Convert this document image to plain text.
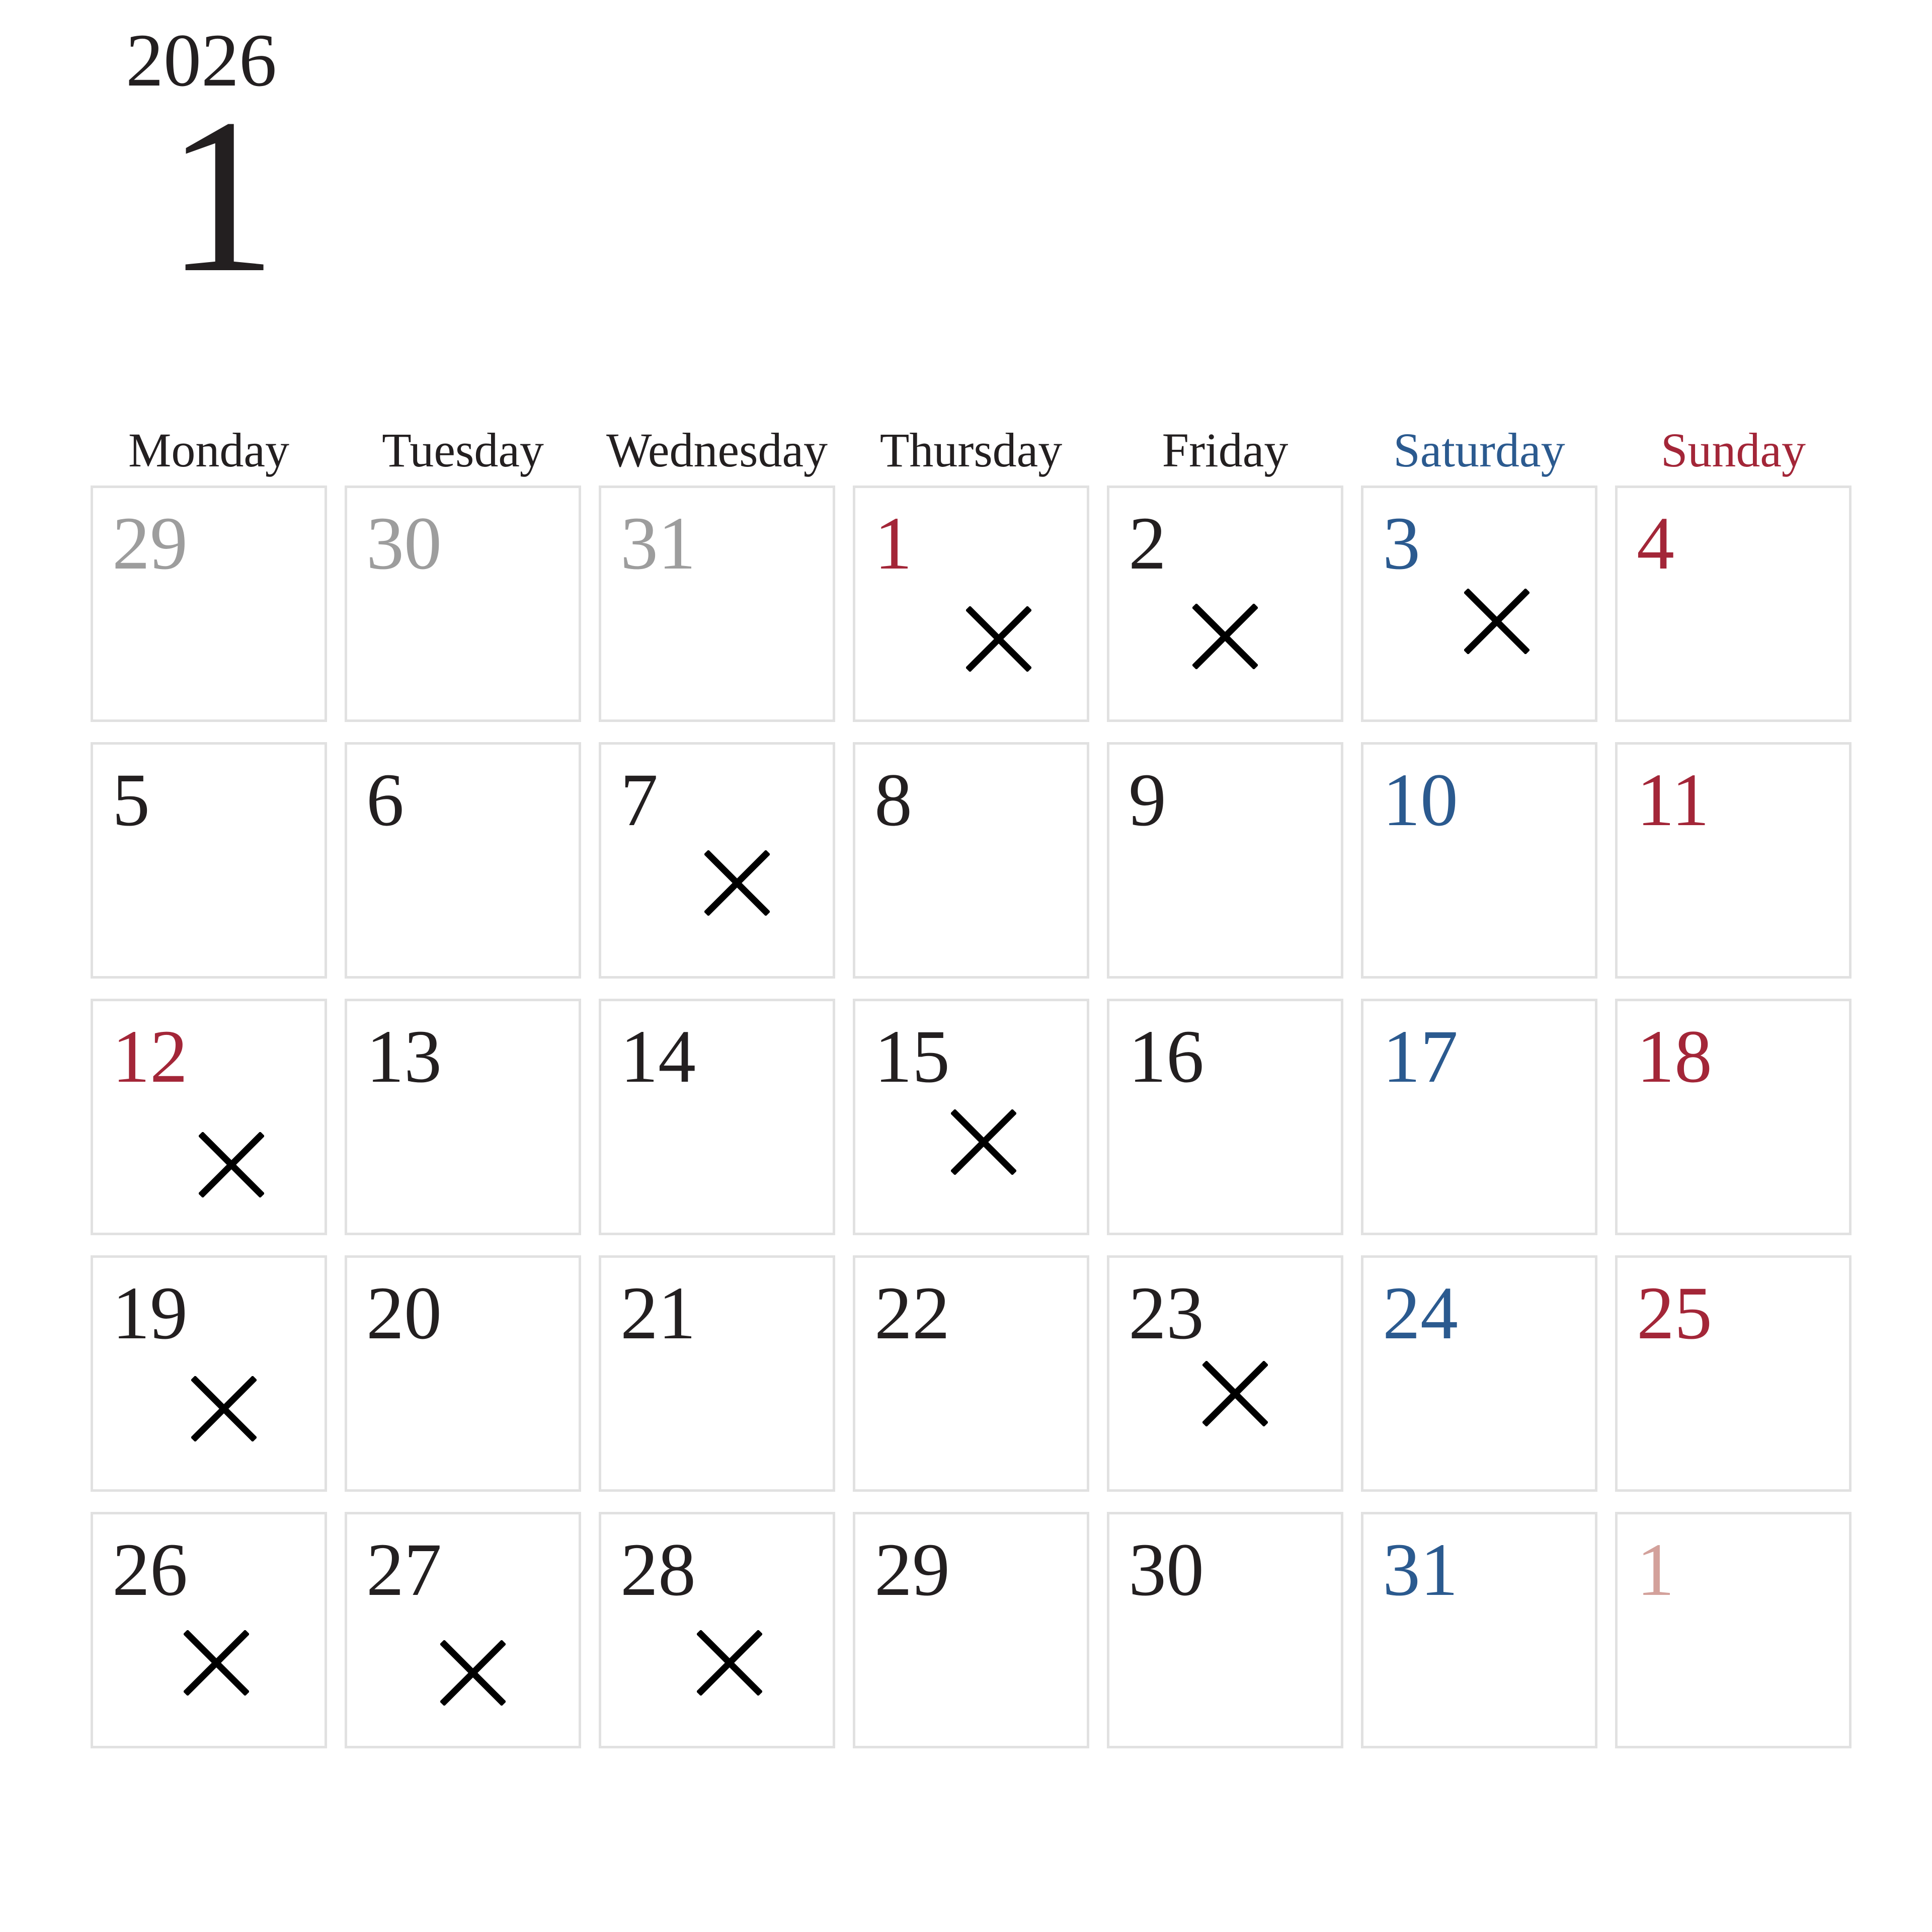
2026
1
Monday	Tuesday	Wednesday	Thursday	Friday	Saturday	Sunday
29 30 31 1	2	3	4
5	6	7	8	9	10 11
12 13 14 15 16 17 18
19 20 21 22 23 24 25
26 27 28 29 30 31 1
